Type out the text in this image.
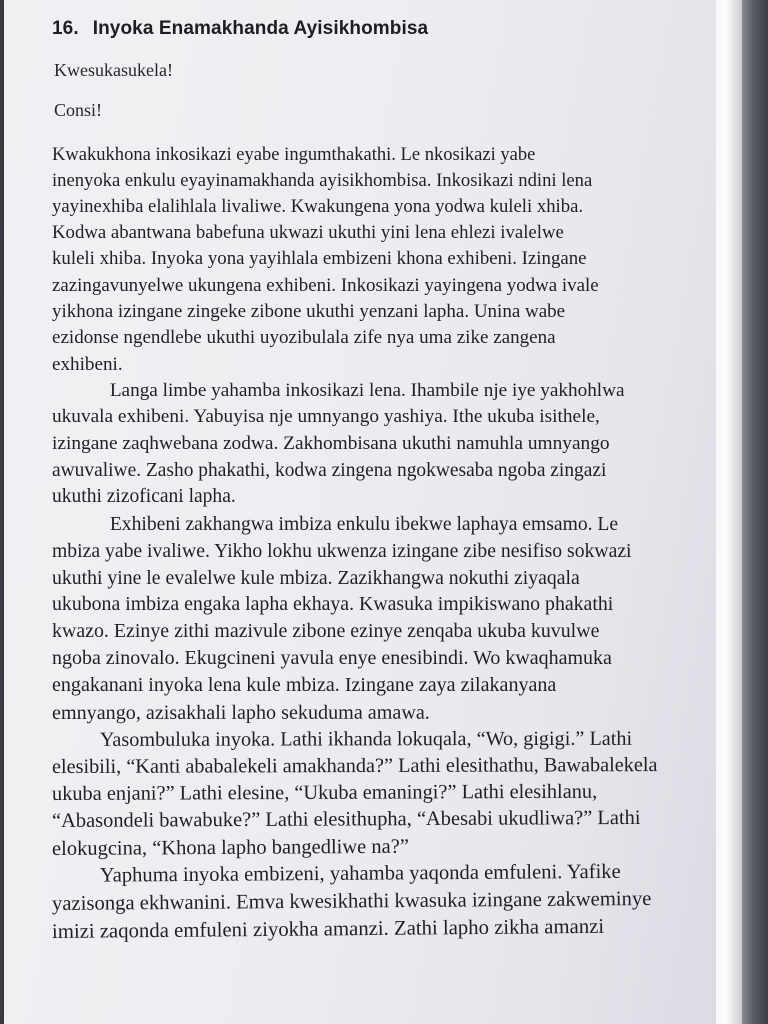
16. Inyoka Enamakhanda Ayisikhombisa
Kwesukasukela!
Consi!
Kwakukhona inkosikazi eyabe ingumthakathi. Le nkosikazi yabe
inenyoka enkulu eyayinamakhanda ayisikhombisa. Inkosikazi ndini lena
yayinexhiba elalihlala livaliwe. Kwakungena yona yodwa kuleli xhiba.
Kodwa abantwana babefuna ukwazi ukuthi yini lena ehlezi ivalelwe
kuleli xhiba. Inyoka yona yayihlala embizeni khona exhibeni. Izingane
zazingavunyelwe ukungena exhibeni. Inkosikazi yayingena yodwa ivale
yikhona izingane zingeke zibone ukuthi yenzani lapha. Unina wabe
ezidonse ngendlebe ukuthi uyozibulala zife nya uma zike zangena
exhibeni.
Langa limbe yahamba inkosikazi lena. Ihambile nje iye yakhohlwa
ukuvala exhibeni. Yabuyisa nje umnyango yashiya. Ithe ukuba isithele,
izingane zaqhwebana zodwa. Zakhombisana ukuthi namuhla umnyango
awuvaliwe. Zasho phakathi, kodwa zingena ngokwesaba ngoba zingazi
ukuthi zizoficani lapha.
Exhibeni zakhangwa imbiza enkulu ibekwe laphaya emsamo. Le
mbiza yabe ivaliwe. Yikho lokhu ukwenza izingane zibe nesifiso sokwazi
ukuthi yine le evalelwe kule mbiza. Zazikhangwa nokuthi ziyaqala
ukubona imbiza engaka lapha ekhaya. Kwasuka impikiswano phakathi
kwazo. Ezinye zithi mazivule zibone ezinye zenqaba ukuba kuvulwe
ngoba zinovalo. Ekugcineni yavula enye enesibindi. Wo kwaqhamuka
engakanani inyoka lena kule mbiza. Izingane zaya zilakanyana
emnyango, azisakhali lapho sekuduma amawa.
Yasombuluka inyoka. Lathi ikhanda lokuqala, “Wo, gigigi.” Lathi
elesibili, “Kanti ababalekeli amakhanda?” Lathi elesithathu, Bawabalekela
ukuba enjani?” Lathi elesine, “Ukuba emaningi?” Lathi elesihlanu,
“Abasondeli bawabuke?” Lathi elesithupha, “Abesabi ukudliwa?” Lathi
elokugcina, “Khona lapho bangedliwe na?”
Yaphuma inyoka embizeni, yahamba yaqonda emfuleni. Yafike
yazisonga ekhwanini. Emva kwesikhathi kwasuka izingane zakweminye
imizi zaqonda emfuleni ziyokha amanzi. Zathi lapho zikha amanzi
